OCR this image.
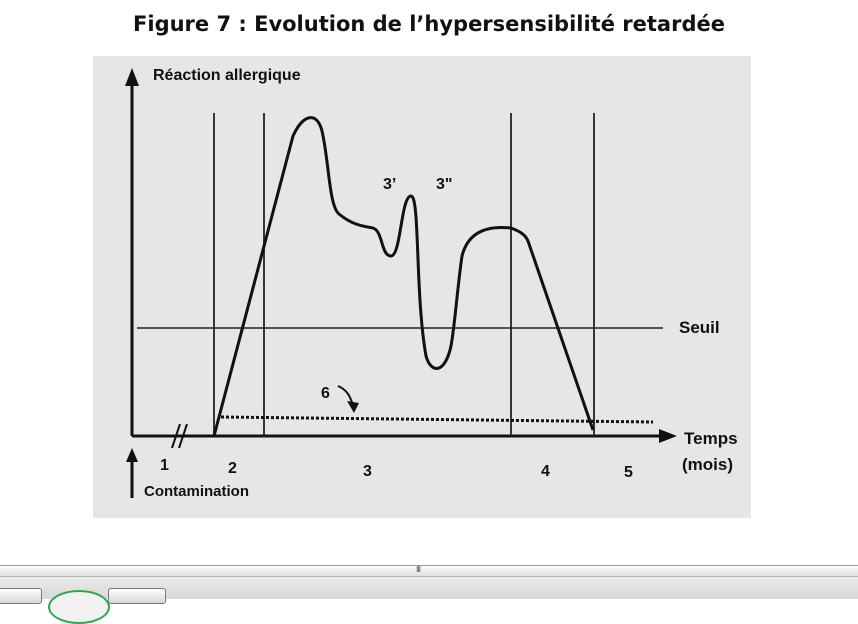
Figure 7 : Evolution de l’hypersensibilité retardée
Réaction allergique
Temps
(mois)
Seuil
1	2	3	4	5
3’ 3"
6
Contamination
III
